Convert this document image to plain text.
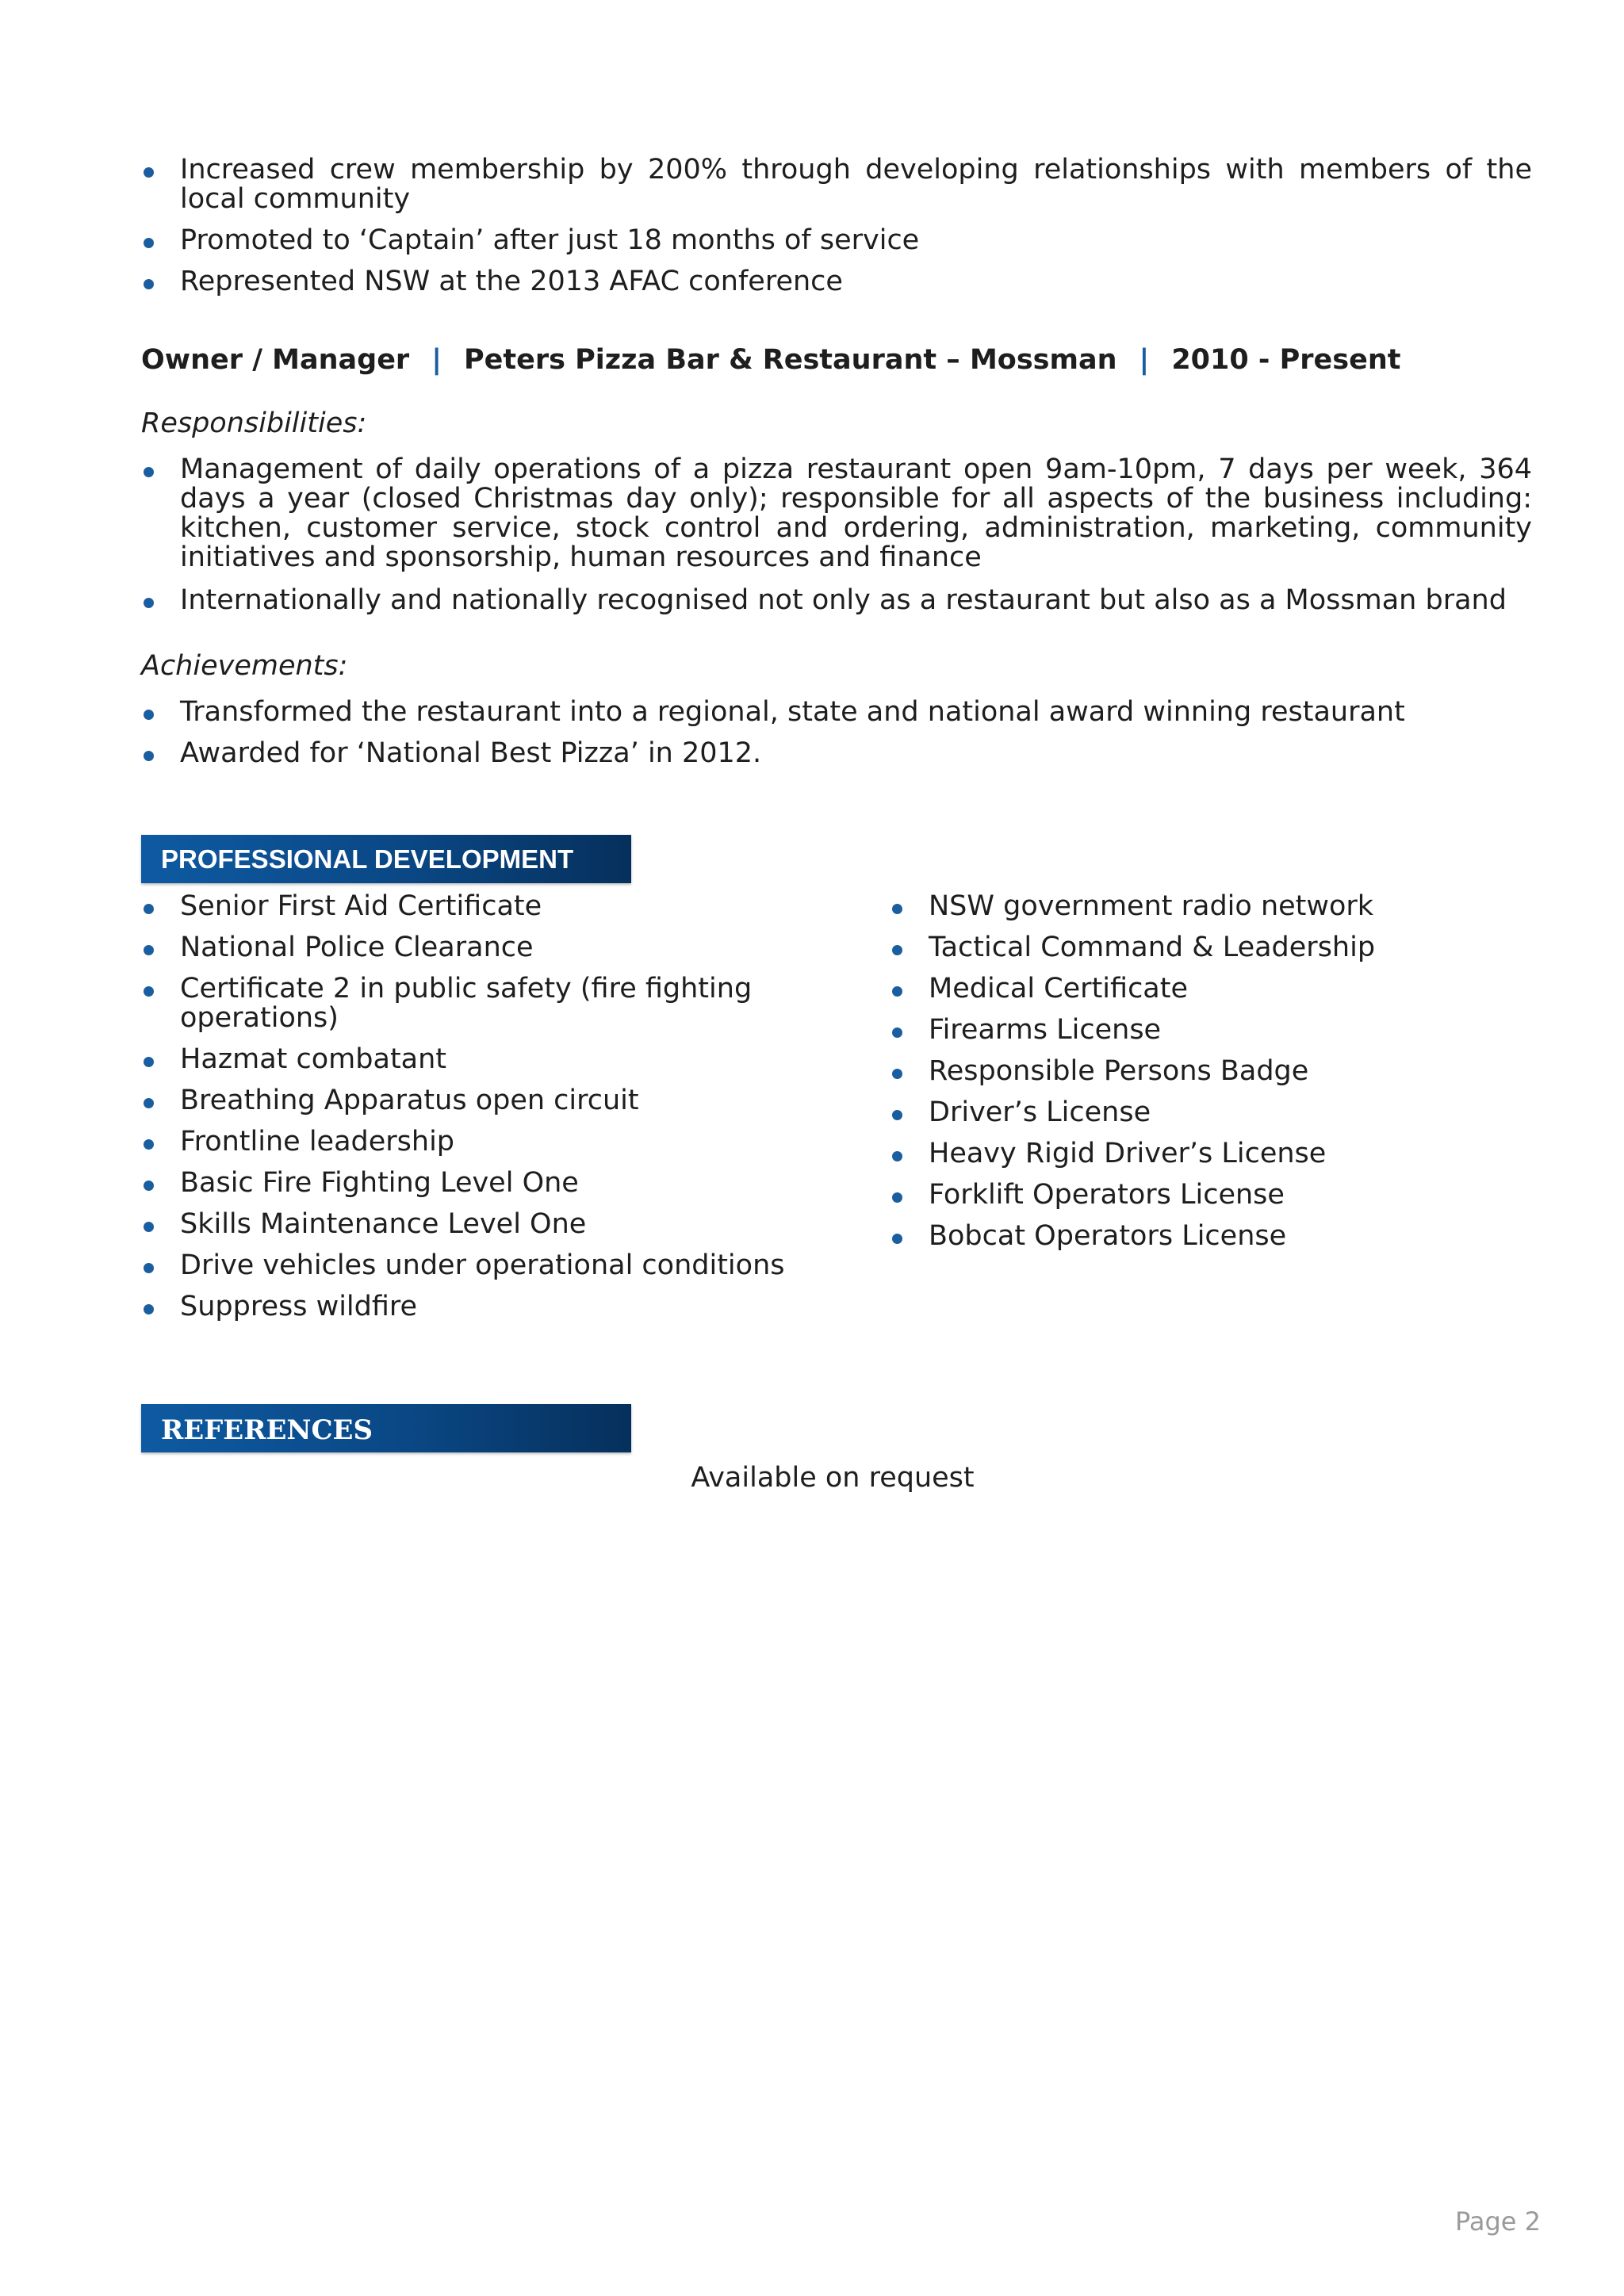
Increased crew membership by 200% through developing relationships with members of the local community
Promoted to ‘Captain’ after just 18 months of service
Represented NSW at the 2013 AFAC conference
Owner / Manager | Peters Pizza Bar & Restaurant – Mossman | 2010 - Present
Responsibilities:
Management of daily operations of a pizza restaurant open 9am-10pm, 7 days per week, 364 days a year (closed Christmas day only); responsible for all aspects of the business including: kitchen, customer service, stock control and ordering, administration, marketing, community initiatives and sponsorship, human resources and finance
Internationally and nationally recognised not only as a restaurant but also as a Mossman brand
Achievements:
Transformed the restaurant into a regional, state and national award winning restaurant
Awarded for ‘National Best Pizza’ in 2012.
PROFESSIONAL DEVELOPMENT
Senior First Aid Certificate
National Police Clearance
Certificate 2 in public safety (fire fighting operations)
Hazmat combatant
Breathing Apparatus open circuit
Frontline leadership
Basic Fire Fighting Level One
Skills Maintenance Level One
Drive vehicles under operational conditions
Suppress wildfire
NSW government radio network
Tactical Command & Leadership
Medical Certificate
Firearms License
Responsible Persons Badge
Driver’s License
Heavy Rigid Driver’s License
Forklift Operators License
Bobcat Operators License
REFERENCES
Available on request
Page 2
